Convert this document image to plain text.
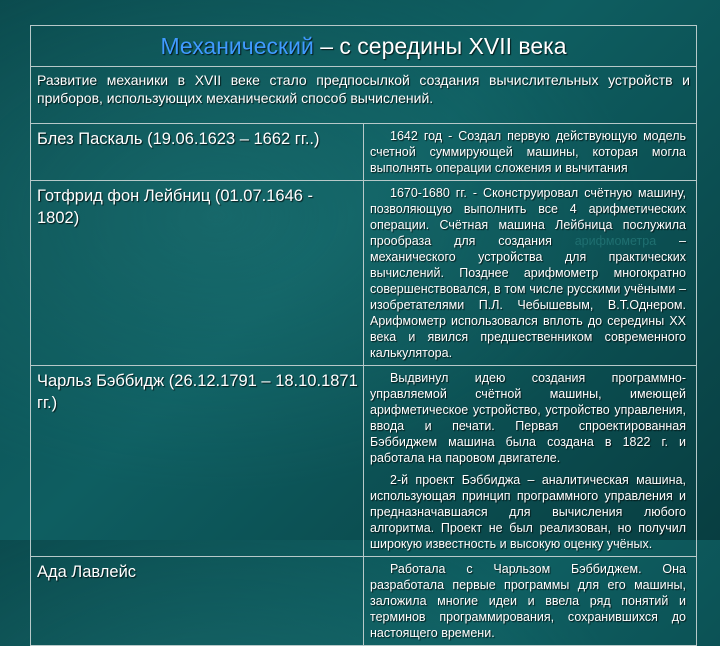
Механический – с середины XVII века	
Развитие механики в XVII веке стало предпосылкой создания вычислительных устройств и приборов, использующих механический способ вычислений.	
Блез Паскаль (19.06.1623 – 1662 гг..)	1642 год - Создал первую действующую модель счетной суммирующей машины, которая могла выполнять операции сложения и вычитания

Готфрид фон Лейбниц (01.07.1646 - 1802)	1670-1680 гг. - Сконструировал счётную машину, позволяющую выполнить все 4 арифметических операции. Счётная машина Лейбница послужила прообраза для создания арифмометра – механического устройства для практических вычислений. Позднее арифмометр многократно совершенствовался, в том числе русскими учёными – изобретателями П.Л. Чебышевым, В.Т.Однером. Арифмометр использовался вплоть до середины XX века и явился предшественником современного калькулятора.

Чарльз Бэббидж (26.12.1791 – 18.10.1871 гг.)	Выдвинул идею создания программно-управляемой счётной машины, имеющей арифметическое устройство, устройство управления, ввода и печати. Первая спроектированная Бэббиджем машина была создана в 1822 г. и работала на паровом двигателе.

2-й проект Бэббиджа – аналитическая машина, использующая принцип программного управления и предназначавшаяся для вычисления любого алгоритма. Проект не был реализован, но получил широкую известность и высокую оценку учёных.

Ада Лавлейс	Работала с Чарльзом Бэббиджем. Она разработала первые программы для его машины, заложила многие идеи и ввела ряд понятий и терминов программирования, сохранившихся до настоящего времени.
